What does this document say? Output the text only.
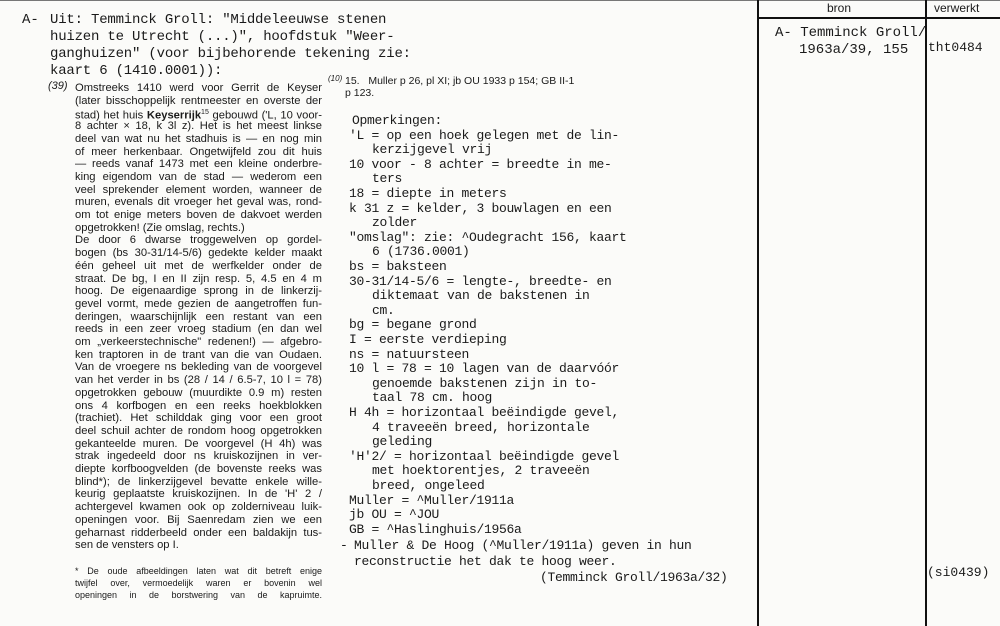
bron	verwerkt
A- Temminck Groll/
1963a/39, 155 tht0484
(si0439)
A- Uit: Temminck Groll: "Middeleeuwse stenen
huizen te Utrecht (...)", hoofdstuk "Weer-
ganghuizen" (voor bijbehorende tekening zie:
kaart 6 (1410.0001)):
(39) Omstreeks 1410 werd voor Gerrit de Keyser
(later bisschoppelijk rentmeester en overste der
stad) het huis Keyserrijk$^{15}$ gebouwd ('L, 10 voor-
8 achter × 18, k 3l z). Het is het meest linkse
deel van wat nu het stadhuis is — en nog min
of meer herkenbaar. Ongetwijfeld zou dit huis
— reeds vanaf 1473 met een kleine onderbre-
king eigendom van de stad — wederom een
veel sprekender element worden, wanneer de
muren, evenals dit vroeger het geval was, rond-
om tot enige meters boven de dakvoet werden
opgetrokken! (Zie omslag, rechts.)
De door 6 dwarse troggewelven op gordel-
bogen (bs 30-31/14-5/6) gedekte kelder maakt
één geheel uit met de werfkelder onder de
straat. De bg, I en II zijn resp. 5, 4.5 en 4 m
hoog. De eigenaardige sprong in de linkerzij-
gevel vormt, mede gezien de aangetroffen fun-
deringen, waarschijnlijk een restant van een
reeds in een zeer vroeg stadium (en dan wel
om „verkeerstechnische" redenen!) — afgebro-
ken traptoren in de trant van die van Oudaen.
Van de vroegere ns bekleding van de voorgevel
van het verder in bs (28 / 14 / 6.5-7, 10 l = 78)
opgetrokken gebouw (muurdikte 0.9 m) resten
ons 4 korfbogen en een reeks hoekblokken
(trachiet). Het schilddak ging voor een groot
deel schuil achter de rondom hoog opgetrokken
gekanteelde muren. De voorgevel (H 4h) was
strak ingedeeld door ns kruiskozijnen in ver-
diepte korfboogvelden (de bovenste reeks was
blind*); de linkerzijgevel bevatte enkele wille-
keurig geplaatste kruiskozijnen. In de 'H' 2 /
achtergevel kwamen ook op zolderniveau luik-
openingen voor. Bij Saenredam zien we een
geharnast ridderbeeld onder een baldakijn tus-
sen de vensters op I.
* De oude afbeeldingen laten wat dit betreft enige
twijfel over, vermoedelijk waren er bovenin wel
openingen in de borstwering van de kapruimte.
(10) 15.   Muller p 26, pl XI; jb OU 1933 p 154; GB II-1
p 123.
Opmerkingen:
'L = op een hoek gelegen met de lin-
kerzijgevel vrij
10 voor - 8 achter = breedte in me-
ters
18 = diepte in meters
k 31 z = kelder, 3 bouwlagen en een
zolder
"omslag": zie: ^Oudegracht 156, kaart
6 (1736.0001)
bs = baksteen
30-31/14-5/6 = lengte-, breedte- en
diktemaat van de bakstenen in
cm.
bg = begane grond
I = eerste verdieping
ns = natuursteen
10 l = 78 = 10 lagen van de daarvóór
genoemde bakstenen zijn in to-
taal 78 cm. hoog
H 4h = horizontaal beëindigde gevel,
4 traveeën breed, horizontale
geleding
'H'2/ = horizontaal beëindigde gevel
met hoektorentjes, 2 traveeën
breed, ongeleed
Muller = ^Muller/1911a
jb OU = ^JOU
GB = ^Haslinghuis/1956a
- Muller & De Hoog (^Muller/1911a) geven in hun
reconstructie het dak te hoog weer.
(Temminck Groll/1963a/32)
